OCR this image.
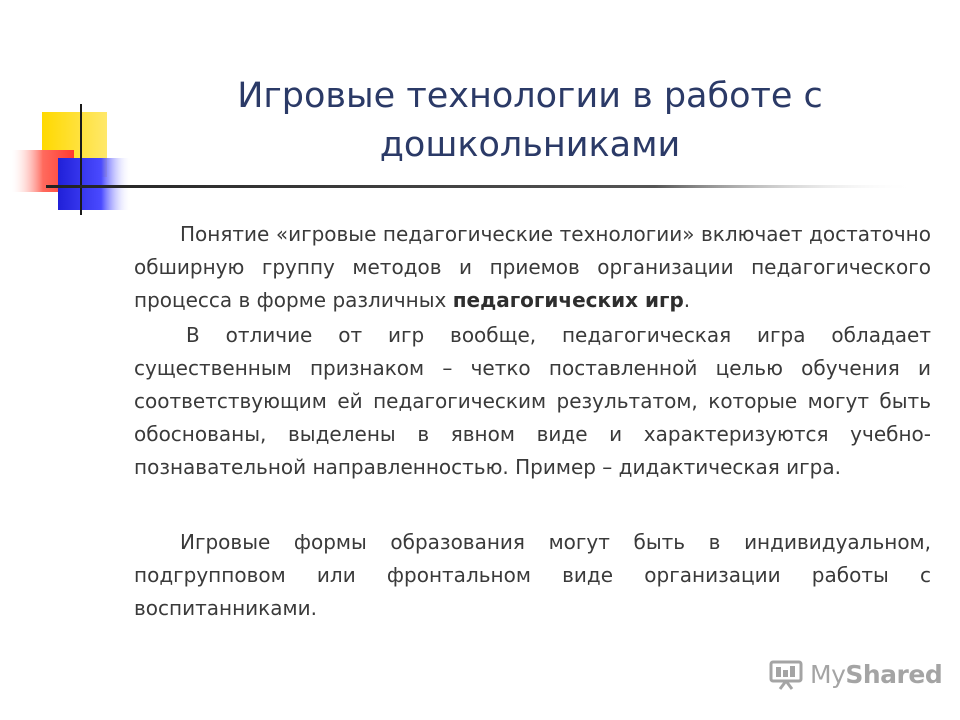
Игровые технологии в работе с
дошкольниками

Понятие «игровые педагогические технологии» включает достаточно обширную группу методов и приемов организации педагогического процесса в форме различных педагогических игр.

В отличие от игр вообще, педагогическая игра обладает существенным признаком – четко поставленной целью обучения и соответствующим ей педагогическим результатом, которые могут быть обоснованы, выделены в явном виде и характеризуются учебно-познавательной направленностью. Пример – дидактическая игра.

Игровые формы образования могут быть в индивидуальном, подгрупповом или фронтальном виде организации работы с воспитанниками.

MyShared
